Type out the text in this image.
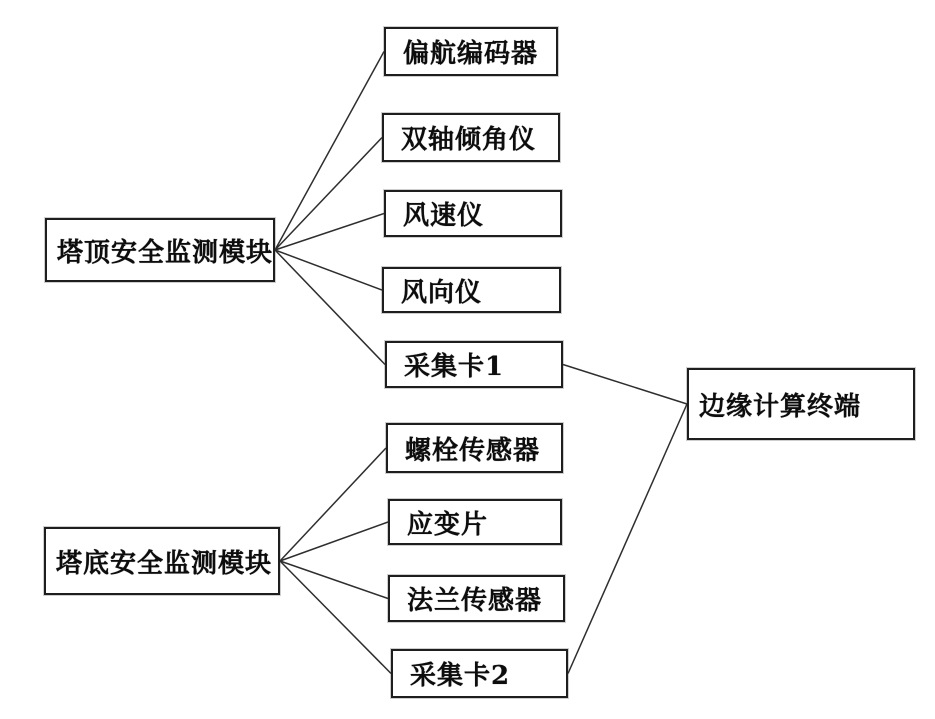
塔顶安全监测模块
偏航编码器
双轴倾角仪
风速仪
风向仪
采集卡1
塔底安全监测模块
螺栓传感器
应变片
法兰传感器
采集卡2
边缘计算终端
